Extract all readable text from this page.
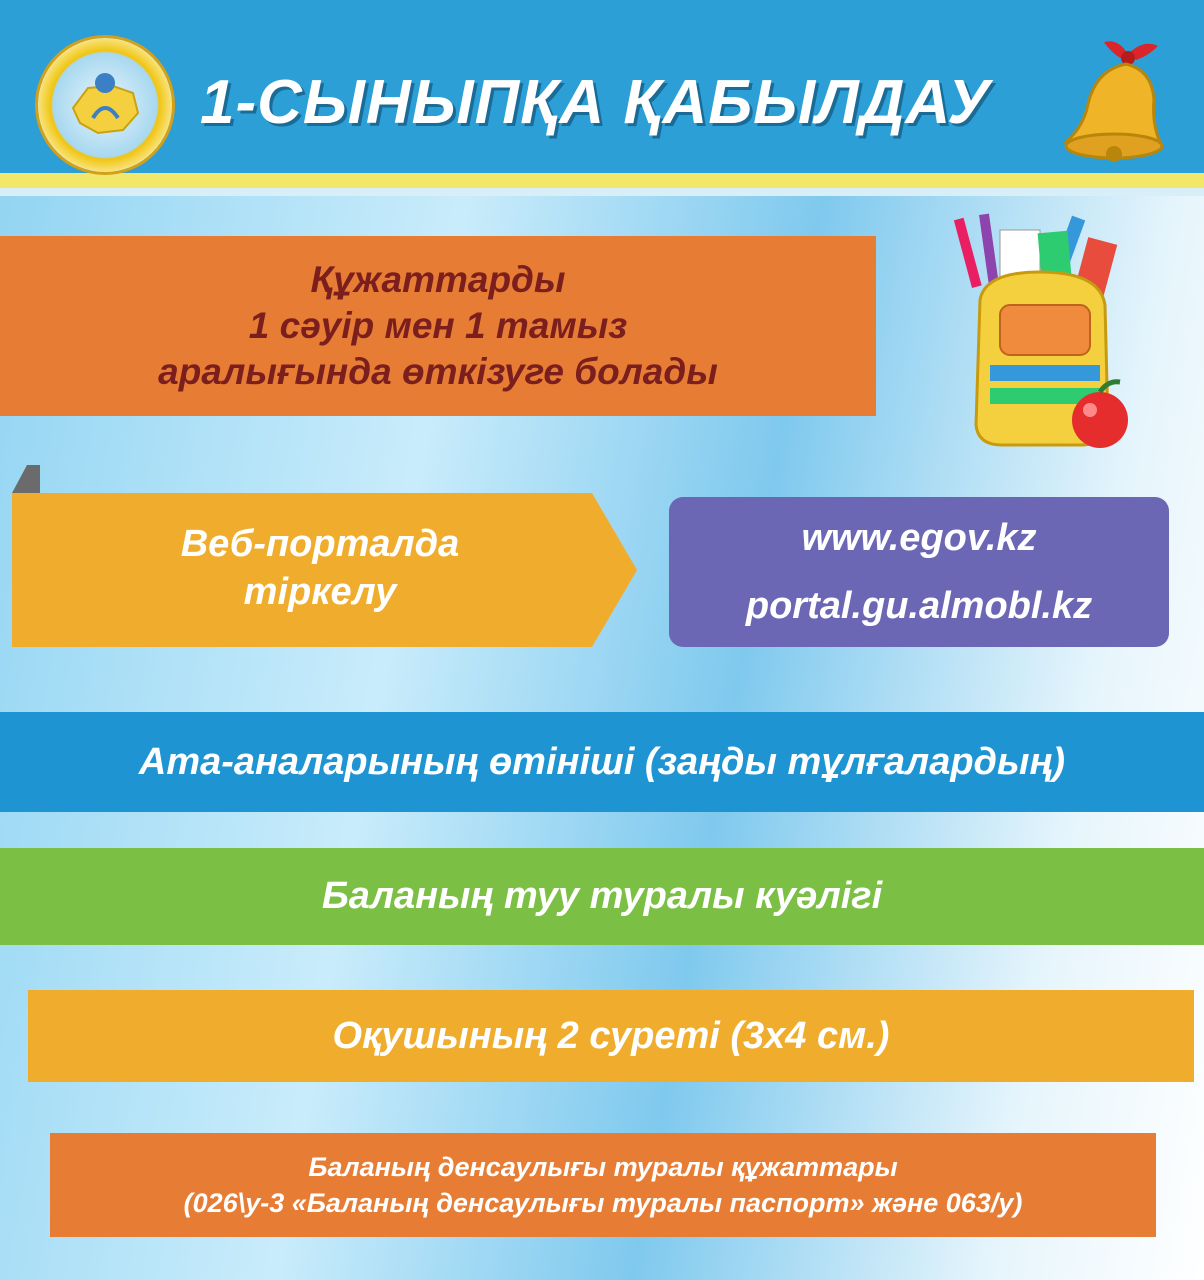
1-СЫНЫПҚА ҚАБЫЛДАУ
Құжаттарды
1 сәуір мен 1 тамыз
аралығында өткізуге болады
Веб-порталда
тіркелу
www.egov.kz
portal.gu.almobl.kz
Ата-аналарының өтініші (заңды тұлғалардың)
Баланың туу туралы куәлігі
Оқушының 2 суреті (3х4 см.)
Баланың денсаулығы туралы құжаттары
(026\у-3 «Баланың денсаулығы туралы паспорт» және 063/у)
